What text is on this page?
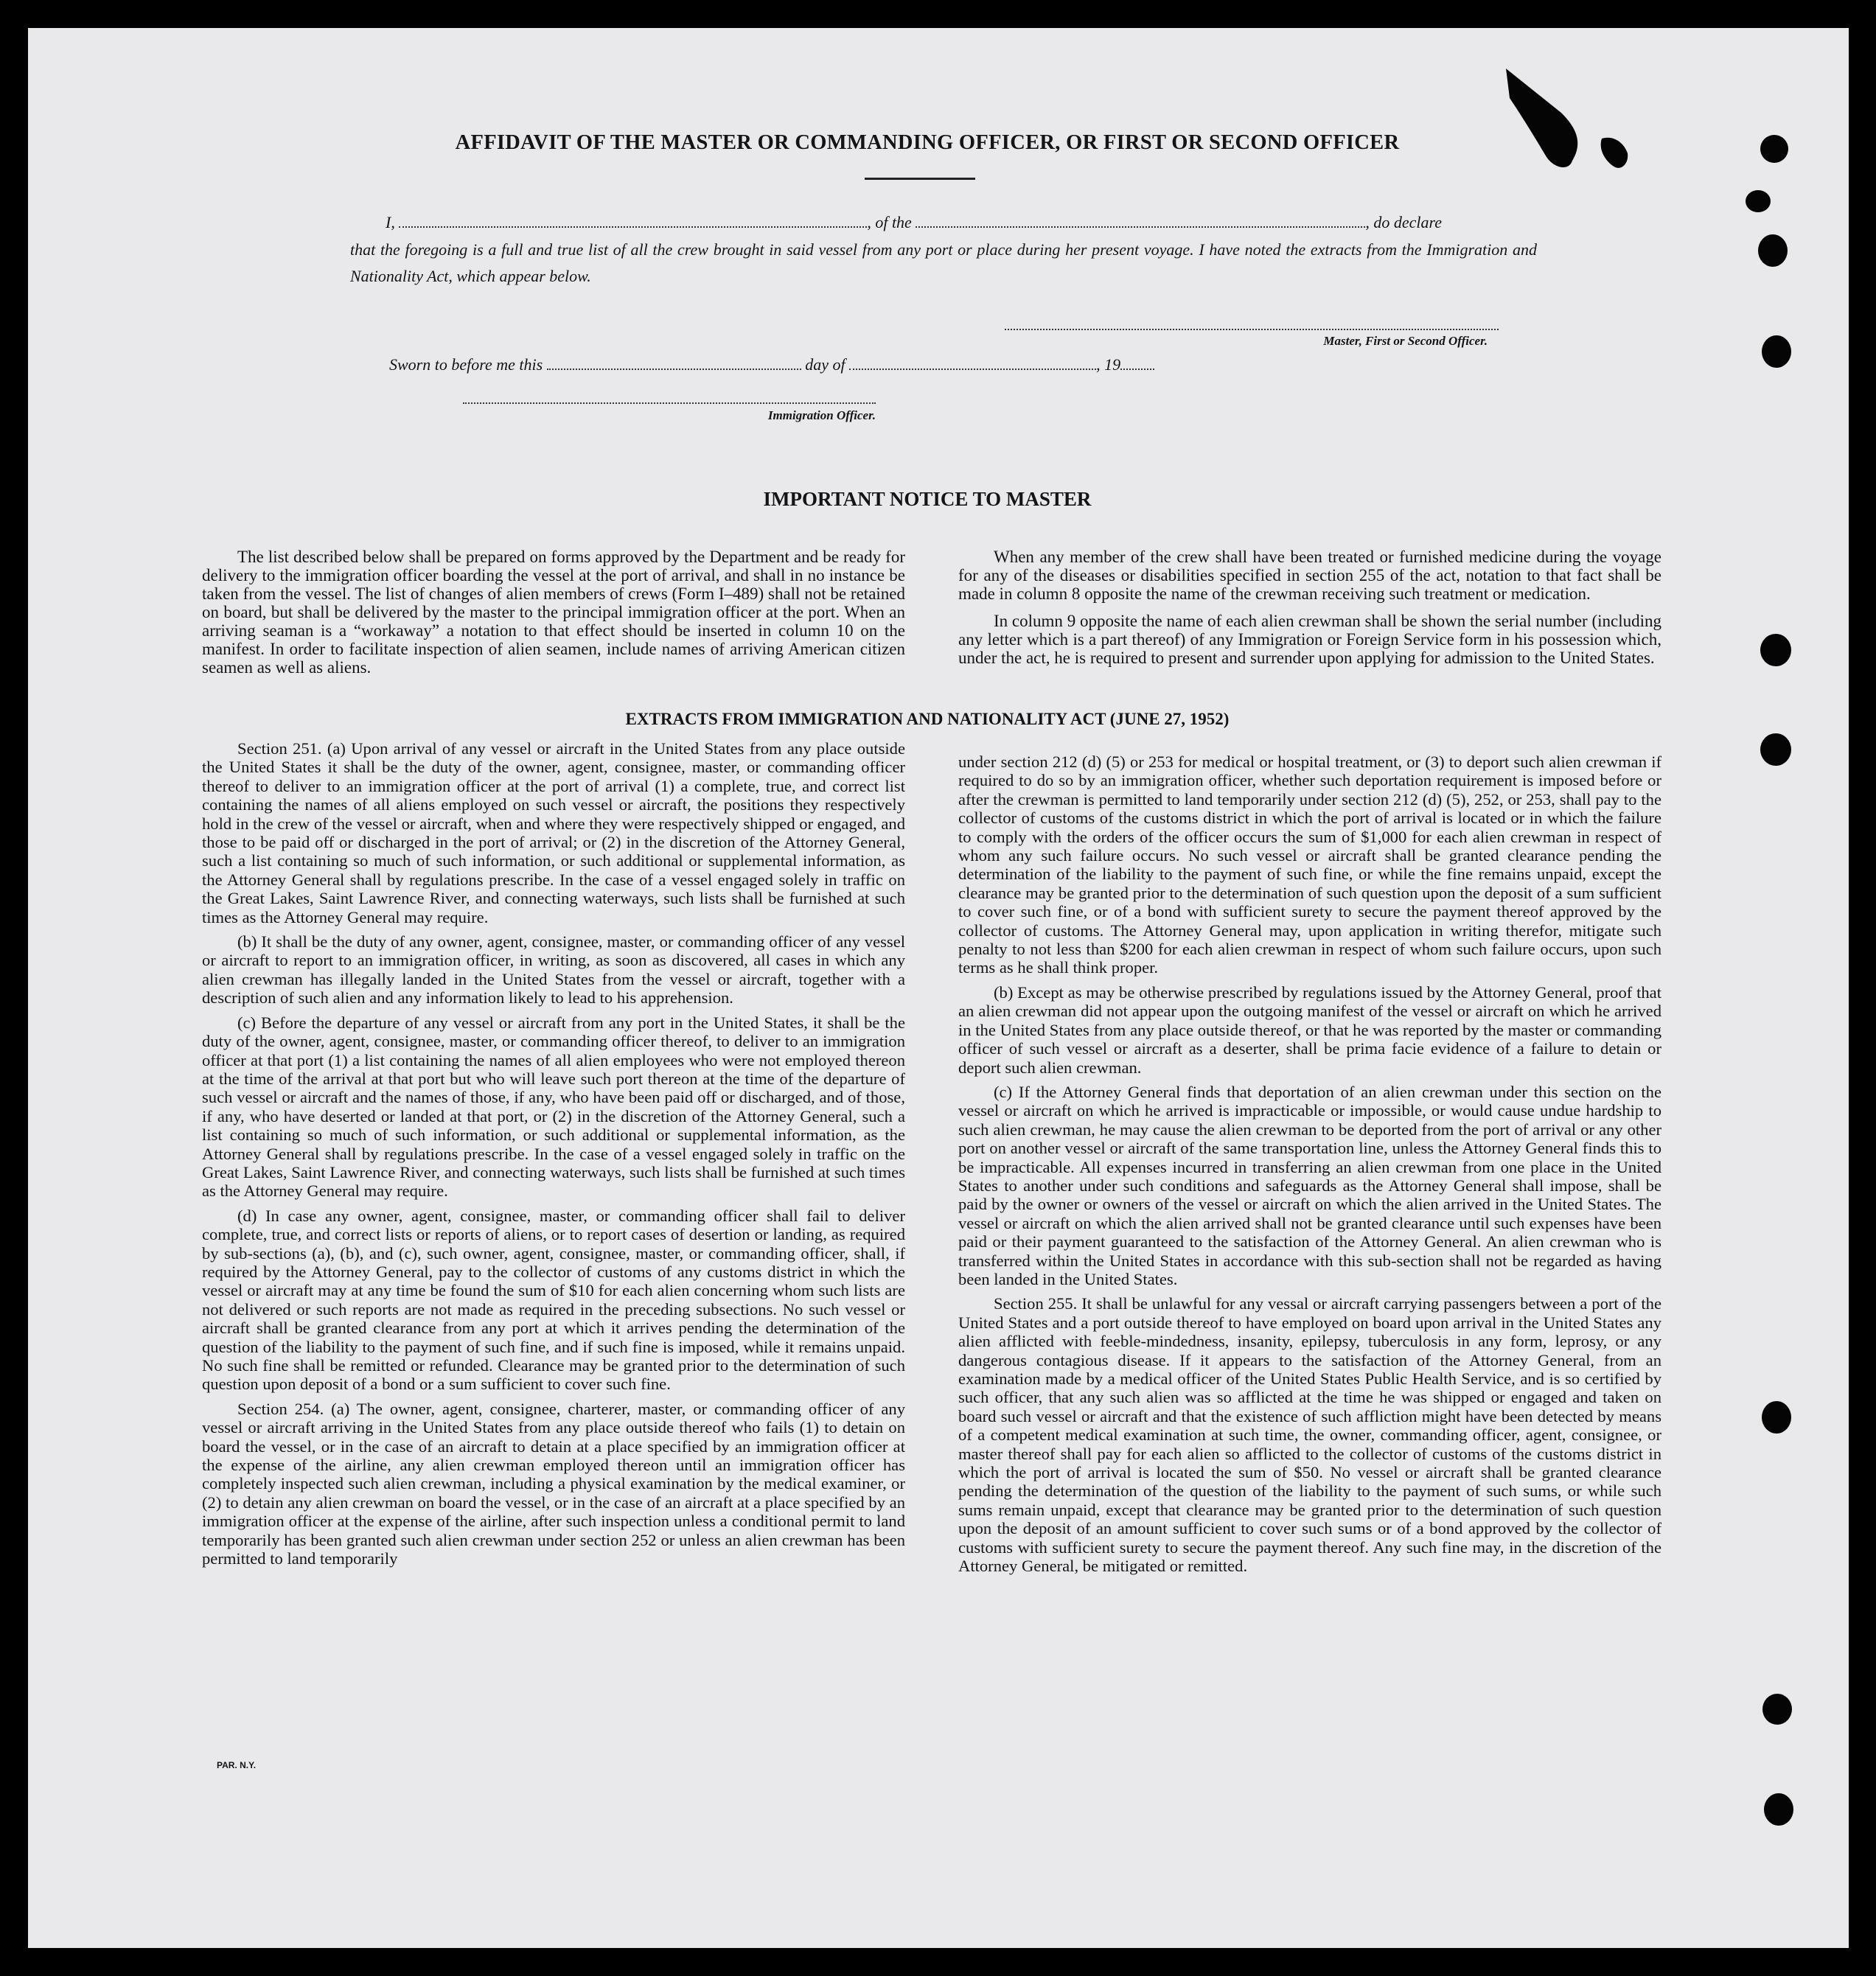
AFFIDAVIT OF THE MASTER OR COMMANDING OFFICER, OR FIRST OR SECOND OFFICER
I,	, of the	, do declare
that the foregoing is a full and true list of all the crew brought in said vessel from any port or place during her present voyage. I have noted the extracts from the Immigration and Nationality Act, which appear below.
Master, First or Second Officer.
Sworn to before me this	day of	, 19
Immigration Officer.
IMPORTANT NOTICE TO MASTER

The list described below shall be prepared on forms approved by the Department and be ready for delivery to the immigration officer boarding the vessel at the port of arrival, and shall in no instance be taken from the vessel. The list of changes of alien members of crews (Form I–489) shall not be retained on board, but shall be delivered by the master to the principal immigration officer at the port. When an arriving seaman is a “workaway” a notation to that effect should be inserted in column 10 on the manifest. In order to facilitate inspection of alien seamen, include names of arriving American citizen seamen as well as aliens.

When any member of the crew shall have been treated or furnished medicine during the voyage for any of the diseases or disabilities specified in section 255 of the act, notation to that fact shall be made in column 8 opposite the name of the crewman receiving such treatment or medication.

In column 9 opposite the name of each alien crewman shall be shown the serial number (including any letter which is a part thereof) of any Immigration or Foreign Service form in his possession which, under the act, he is required to present and surrender upon applying for admission to the United States.

EXTRACTS FROM IMMIGRATION AND NATIONALITY ACT (JUNE 27, 1952)

Section 251. (a) Upon arrival of any vessel or aircraft in the United States from any place outside the United States it shall be the duty of the owner, agent, consignee, master, or commanding officer thereof to deliver to an immigration officer at the port of arrival (1) a complete, true, and correct list containing the names of all aliens employed on such vessel or aircraft, the positions they respectively hold in the crew of the vessel or aircraft, when and where they were respectively shipped or engaged, and those to be paid off or discharged in the port of arrival; or (2) in the discretion of the Attorney General, such a list containing so much of such information, or such additional or supplemental information, as the Attorney General shall by regulations prescribe. In the case of a vessel engaged solely in traffic on the Great Lakes, Saint Lawrence River, and connecting waterways, such lists shall be furnished at such times as the Attorney General may require.

(b) It shall be the duty of any owner, agent, consignee, master, or commanding officer of any vessel or aircraft to report to an immigration officer, in writing, as soon as discovered, all cases in which any alien crewman has illegally landed in the United States from the vessel or aircraft, together with a description of such alien and any information likely to lead to his apprehension.

(c) Before the departure of any vessel or aircraft from any port in the United States, it shall be the duty of the owner, agent, consignee, master, or commanding officer thereof, to deliver to an immigration officer at that port (1) a list containing the names of all alien employees who were not employed thereon at the time of the arrival at that port but who will leave such port thereon at the time of the departure of such vessel or aircraft and the names of those, if any, who have been paid off or discharged, and of those, if any, who have deserted or landed at that port, or (2) in the discretion of the Attorney General, such a list containing so much of such information, or such additional or supplemental information, as the Attorney General shall by regulations prescribe. In the case of a vessel engaged solely in traffic on the Great Lakes, Saint Lawrence River, and connecting waterways, such lists shall be furnished at such times as the Attorney General may require.

(d) In case any owner, agent, consignee, master, or commanding officer shall fail to deliver complete, true, and correct lists or reports of aliens, or to report cases of desertion or landing, as required by sub-sections (a), (b), and (c), such owner, agent, consignee, master, or commanding officer, shall, if required by the Attorney General, pay to the collector of customs of any customs district in which the vessel or aircraft may at any time be found the sum of $10 for each alien concerning whom such lists are not delivered or such reports are not made as required in the preceding subsections. No such vessel or aircraft shall be granted clearance from any port at which it arrives pending the determination of the question of the liability to the payment of such fine, and if such fine is imposed, while it remains unpaid. No such fine shall be remitted or refunded. Clearance may be granted prior to the determination of such question upon deposit of a bond or a sum sufficient to cover such fine.

Section 254. (a) The owner, agent, consignee, charterer, master, or commanding officer of any vessel or aircraft arriving in the United States from any place outside thereof who fails (1) to detain on board the vessel, or in the case of an aircraft to detain at a place specified by an immigration officer at the expense of the airline, any alien crewman employed thereon until an immigration officer has completely inspected such alien crewman, including a physical examination by the medical examiner, or (2) to detain any alien crewman on board the vessel, or in the case of an aircraft at a place specified by an immigration officer at the expense of the airline, after such inspection unless a conditional permit to land temporarily has been granted such alien crewman under section 252 or unless an alien crewman has been permitted to land temporarily

under section 212 (d) (5) or 253 for medical or hospital treatment, or (3) to deport such alien crewman if required to do so by an immigration officer, whether such deportation requirement is imposed before or after the crewman is permitted to land temporarily under section 212 (d) (5), 252, or 253, shall pay to the collector of customs of the customs district in which the port of arrival is located or in which the failure to comply with the orders of the officer occurs the sum of $1,000 for each alien crewman in respect of whom any such failure occurs. No such vessel or aircraft shall be granted clearance pending the determination of the liability to the payment of such fine, or while the fine remains unpaid, except the clearance may be granted prior to the determination of such question upon the deposit of a sum sufficient to cover such fine, or of a bond with sufficient surety to secure the payment thereof approved by the collector of customs. The Attorney General may, upon application in writing therefor, mitigate such penalty to not less than $200 for each alien crewman in respect of whom such failure occurs, upon such terms as he shall think proper.

(b) Except as may be otherwise prescribed by regulations issued by the Attorney General, proof that an alien crewman did not appear upon the outgoing manifest of the vessel or aircraft on which he arrived in the United States from any place outside thereof, or that he was reported by the master or commanding officer of such vessel or aircraft as a deserter, shall be prima facie evidence of a failure to detain or deport such alien crewman.

(c) If the Attorney General finds that deportation of an alien crewman under this section on the vessel or aircraft on which he arrived is impracticable or impossible, or would cause undue hardship to such alien crewman, he may cause the alien crewman to be deported from the port of arrival or any other port on another vessel or aircraft of the same transportation line, unless the Attorney General finds this to be impracticable. All expenses incurred in transferring an alien crewman from one place in the United States to another under such conditions and safeguards as the Attorney General shall impose, shall be paid by the owner or owners of the vessel or aircraft on which the alien arrived in the United States. The vessel or aircraft on which the alien arrived shall not be granted clearance until such expenses have been paid or their payment guaranteed to the satisfaction of the Attorney General. An alien crewman who is transferred within the United States in accordance with this sub-section shall not be regarded as having been landed in the United States.

Section 255. It shall be unlawful for any vessal or aircraft carrying passengers between a port of the United States and a port outside thereof to have employed on board upon arrival in the United States any alien afflicted with feeble-mindedness, insanity, epilepsy, tuberculosis in any form, leprosy, or any dangerous contagious disease. If it appears to the satisfaction of the Attorney General, from an examination made by a medical officer of the United States Public Health Service, and is so certified by such officer, that any such alien was so afflicted at the time he was shipped or engaged and taken on board such vessel or aircraft and that the existence of such affliction might have been detected by means of a competent medical examination at such time, the owner, commanding officer, agent, consignee, or master thereof shall pay for each alien so afflicted to the collector of customs of the customs district in which the port of arrival is located the sum of $50. No vessel or aircraft shall be granted clearance pending the determination of the question of the liability to the payment of such sums, or while such sums remain unpaid, except that clearance may be granted prior to the determination of such question upon the deposit of an amount sufficient to cover such sums or of a bond approved by the collector of customs with sufficient surety to secure the payment thereof. Any such fine may, in the discretion of the Attorney General, be mitigated or remitted.

PAR. N.Y.
